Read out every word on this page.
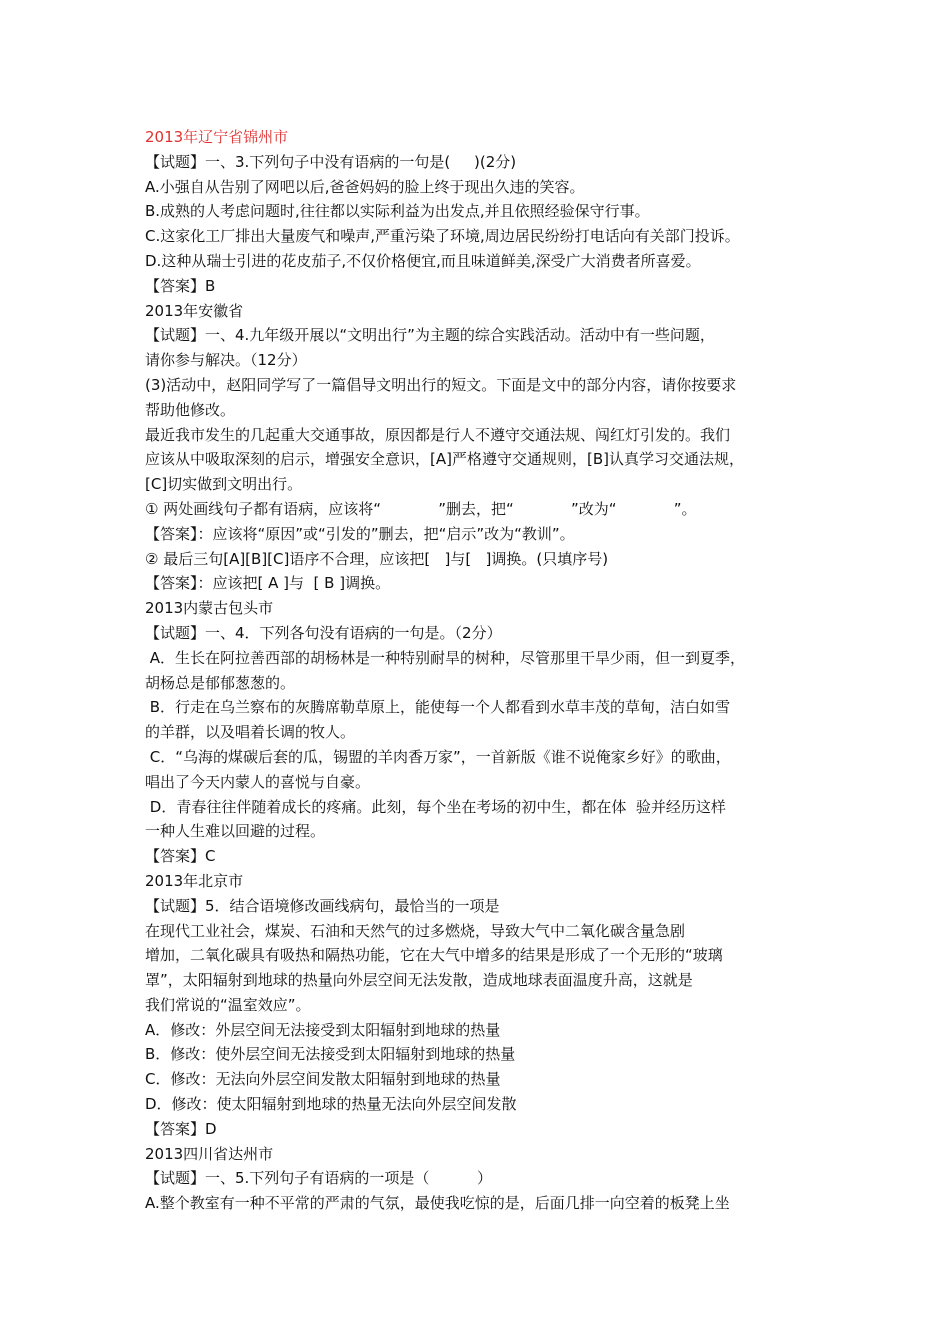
2013年辽宁省锦州市
【试题】一、3.下列句子中没有语病的一句是(     )(2分)
A.小强自从告别了网吧以后,爸爸妈妈的脸上终于现出久违的笑容。
B.成熟的人考虑问题时,往往都以实际利益为出发点,并且依照经验保守行事。
C.这家化工厂排出大量废气和噪声,严重污染了环境,周边居民纷纷打电话向有关部门投诉。
D.这种从瑞士引进的花皮茄子,不仅价格便宜,而且味道鲜美,深受广大消费者所喜爱。
【答案】B
2013年安徽省
【试题】一、4.九年级开展以“文明出行”为主题的综合实践活动。活动中有一些问题，
请你参与解决。（12分）
(3)活动中，赵阳同学写了一篇倡导文明出行的短文。下面是文中的部分内容，请你按要求
帮助他修改。
最近我市发生的几起重大交通事故，原因都是行人不遵守交通法规、闯红灯引发的。我们
应该从中吸取深刻的启示，增强安全意识，[A]严格遵守交通规则，[B]认真学习交通法规，
[C]切实做到文明出行。
① 两处画线句子都有语病，应该将“            ”删去，把“            ”改为“            ”。
【答案】：应该将“原因”或“引发的”删去，把“启示”改为“教训”。
② 最后三句[A][B][C]语序不合理，应该把[   ]与[   ]调换。(只填序号)
【答案】：应该把[ A ]与  [ B ]调换。
2013内蒙古包头市
【试题】一、4．下列各句没有语病的一句是。（2分）
A．生长在阿拉善西部的胡杨林是一种特别耐旱的树种，尽管那里干旱少雨，但一到夏季，
胡杨总是郁郁葱葱的。
B．行走在乌兰察布的灰腾席勒草原上，能使每一个人都看到水草丰茂的草甸，洁白如雪
的羊群，以及唱着长调的牧人。
C．“乌海的煤碳后套的瓜，锡盟的羊肉香万家”，一首新版《谁不说俺家乡好》的歌曲，
唱出了今天内蒙人的喜悦与自豪。
D．青春往往伴随着成长的疼痛。此刻，每个坐在考场的初中生，都在体  验并经历这样
一种人生难以回避的过程。
【答案】C
2013年北京市
【试题】5．结合语境修改画线病句，最恰当的一项是
在现代工业社会，煤炭、石油和天然气的过多燃烧，导致大气中二氧化碳含量急剧
增加，二氧化碳具有吸热和隔热功能，它在大气中增多的结果是形成了一个无形的“玻璃
罩”，太阳辐射到地球的热量向外层空间无法发散，造成地球表面温度升高，这就是
我们常说的“温室效应”。
A．修改：外层空间无法接受到太阳辐射到地球的热量
B．修改：使外层空间无法接受到太阳辐射到地球的热量
C．修改：无法向外层空间发散太阳辐射到地球的热量
D．修改：使太阳辐射到地球的热量无法向外层空间发散
【答案】D
2013四川省达州市
【试题】一、5.下列句子有语病的一项是（          ）
A.整个教室有一种不平常的严肃的气氛，最使我吃惊的是，后面几排一向空着的板凳上坐
